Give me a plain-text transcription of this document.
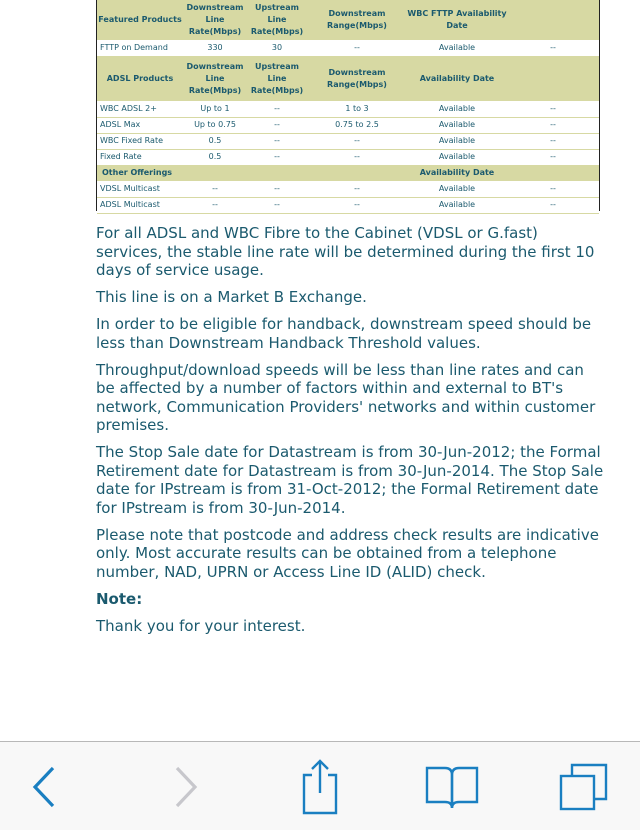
Featured Products	Downstream Line Rate(Mbps)	Upstream Line Rate(Mbps)	Downstream Range(Mbps)	WBC FTTP Availability Date	
FTTP on Demand	330	30	--	Available	--
ADSL Products	Downstream Line Rate(Mbps)	Upstream Line Rate(Mbps)	Downstream Range(Mbps)	Availability Date	
WBC ADSL 2+	Up to 1	--	1 to 3	Available	--
ADSL Max	Up to 0.75	--	0.75 to 2.5	Available	--
WBC Fixed Rate	0.5	--	--	Available	--
Fixed Rate	0.5	--	--	Available	--
Other Offerings				Availability Date	
VDSL Multicast	--	--	--	Available	--
ADSL Multicast	--	--	--	Available	--

For all ADSL and WBC Fibre to the Cabinet (VDSL or G.fast) services, the stable line rate will be determined during the first 10 days of service usage.

This line is on a Market B Exchange.

In order to be eligible for handback, downstream speed should be less than Downstream Handback Threshold values.

Throughput/download speeds will be less than line rates and can be affected by a number of factors within and external to BT's network, Communication Providers' networks and within customer premises.

The Stop Sale date for Datastream is from 30-Jun-2012; the Formal Retirement date for Datastream is from 30-Jun-2014. The Stop Sale date for IPstream is from 31-Oct-2012; the Formal Retirement date for IPstream is from 30-Jun-2014.

Please note that postcode and address check results are indicative only. Most accurate results can be obtained from a telephone number, NAD, UPRN or Access Line ID (ALID) check.

Note:

Thank you for your interest.
